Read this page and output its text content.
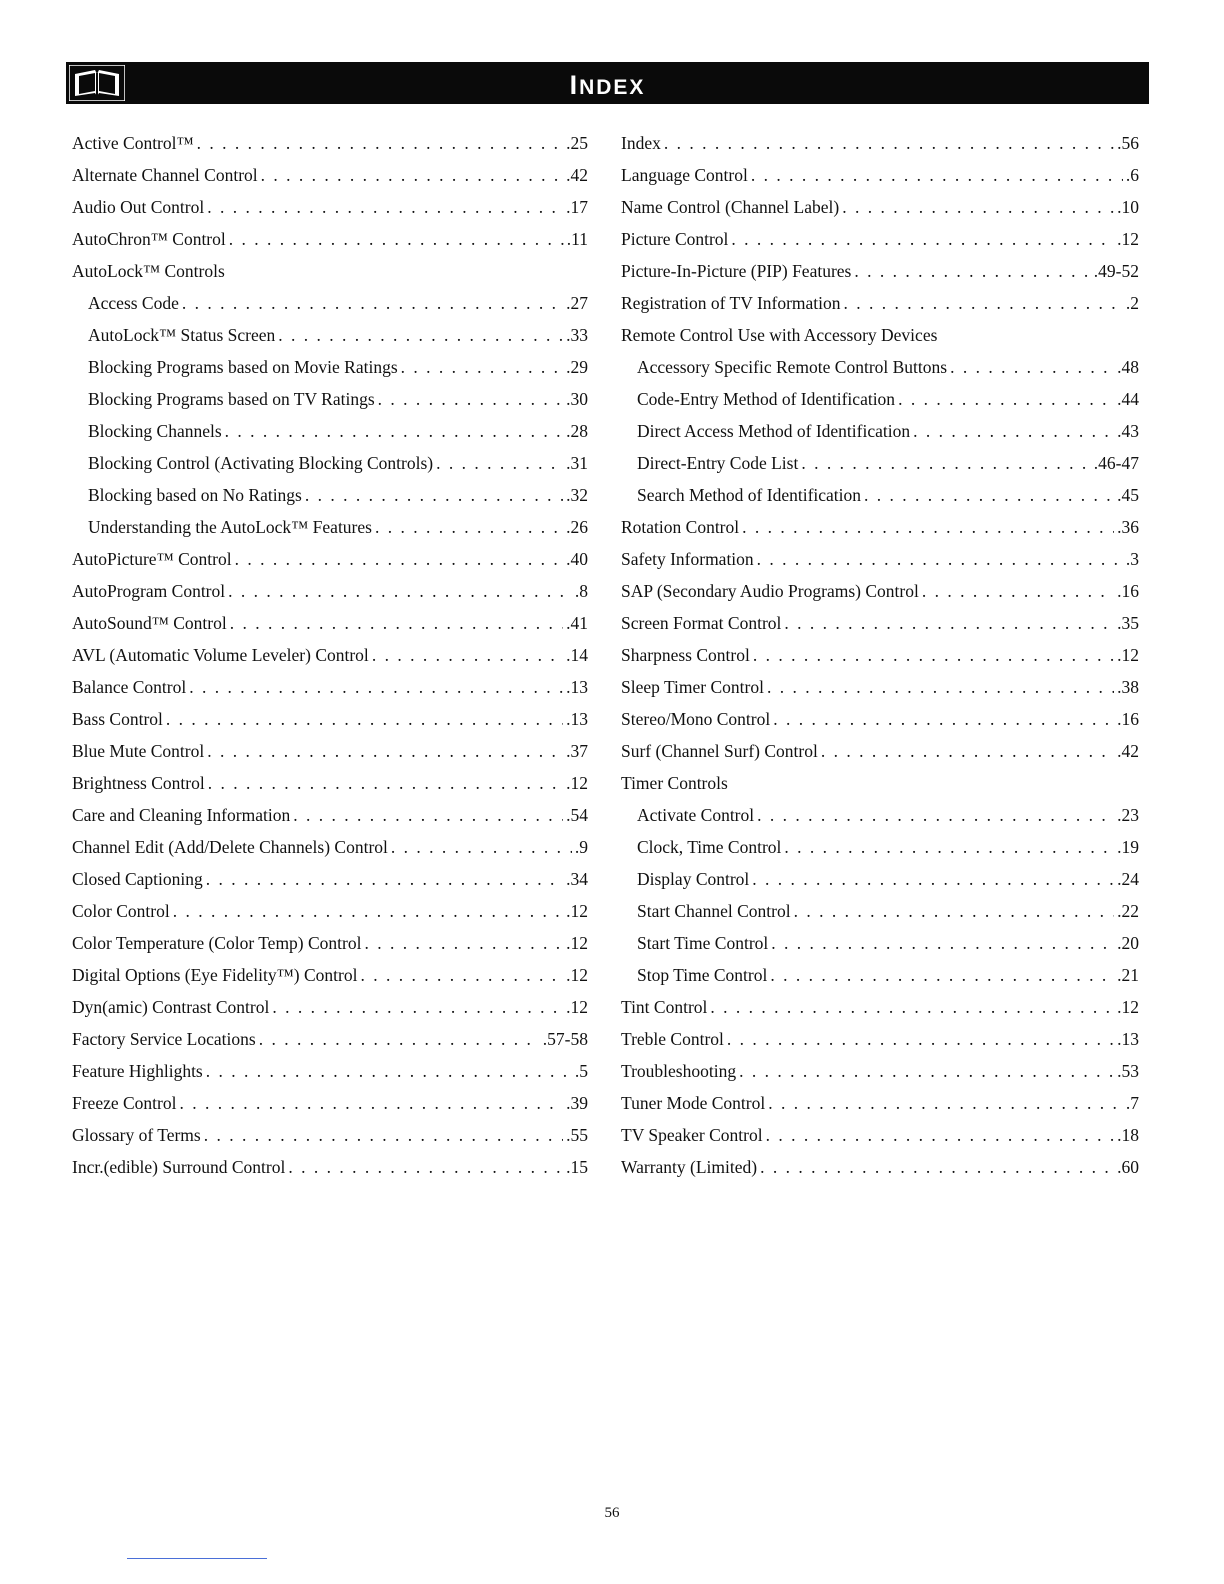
INDEX
Active Control™ . . .	.25
Alternate Channel Control . . .	.42
Audio Out Control . . .	.17
AutoChron™ Control . . .	.11
AutoLock™ Controls
Access Code . . .	.27
AutoLock™ Status Screen . . .	.33
Blocking Programs based on Movie Ratings . . .	.29
Blocking Programs based on TV Ratings . . .	.30
Blocking Channels . . .	.28
Blocking Control (Activating Blocking Controls) . . .	.31
Blocking based on No Ratings . . .	.32
Understanding the AutoLock™ Features . . .	.26
AutoPicture™ Control . . .	.40
AutoProgram Control . . .	.8
AutoSound™ Control . . .	.41
AVL (Automatic Volume Leveler) Control . . .	.14
Balance Control . . .	.13
Bass Control . . .	.13
Blue Mute Control . . .	.37
Brightness Control . . .	.12
Care and Cleaning Information . . .	.54
Channel Edit (Add/Delete Channels) Control . . .	.9
Closed Captioning . . .	.34
Color Control . . .	.12
Color Temperature (Color Temp) Control . . .	.12
Digital Options (Eye Fidelity™) Control . . .	.12
Dyn(amic) Contrast Control . . .	.12
Factory Service Locations . . .	.57-58
Feature Highlights . . .	.5
Freeze Control . . .	.39
Glossary of Terms . . .	.55
Incr.(edible) Surround Control . . .	.15
Index . . .	.56
Language Control . . .	.6
Name Control (Channel Label) . . .	.10
Picture Control . . .	.12
Picture-In-Picture (PIP) Features . . .	.49-52
Registration of TV Information . . .	.2
Remote Control Use with Accessory Devices
Accessory Specific Remote Control Buttons . . .	.48
Code-Entry Method of Identification . . .	.44
Direct Access Method of Identification . . .	.43
Direct-Entry Code List . . .	.46-47
Search Method of Identification . . .	.45
Rotation Control . . .	.36
Safety Information . . .	.3
SAP (Secondary Audio Programs) Control . . .	.16
Screen Format Control . . .	.35
Sharpness Control . . .	.12
Sleep Timer Control . . .	.38
Stereo/Mono Control . . .	.16
Surf (Channel Surf) Control . . .	.42
Timer Controls
Activate Control . . .	.23
Clock, Time Control . . .	.19
Display Control . . .	.24
Start Channel Control . . .	.22
Start Time Control . . .	.20
Stop Time Control . . .	.21
Tint Control . . .	.12
Treble Control . . .	.13
Troubleshooting . . .	.53
Tuner Mode Control . . .	.7
TV Speaker Control . . .	.18
Warranty (Limited) . . .	.60
56
